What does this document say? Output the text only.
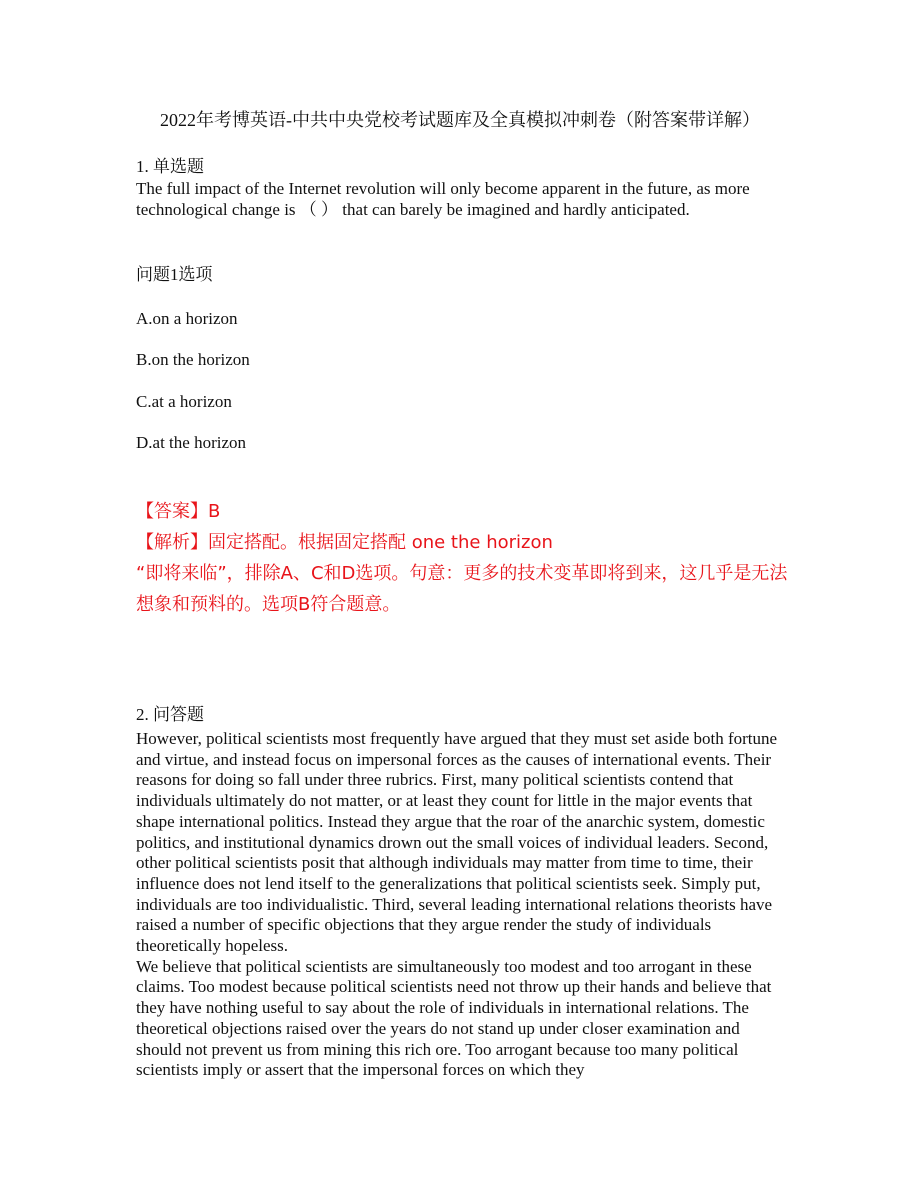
2022年考博英语-中共中央党校考试题库及全真模拟冲刺卷（附答案带详解）
1. 单选题
The full impact of the Internet revolution will only become apparent in the future, as more technological change is （ ） that can barely be imagined and hardly anticipated.
问题1选项
A.on a horizon
B.on the horizon
C.at a horizon
D.at the horizon
【答案】B
【解析】固定搭配。根据固定搭配 one the horizon
“即将来临”，排除A、C和D选项。句意：更多的技术变革即将到来，这几乎是无法想象和预料的。选项B符合题意。
2. 问答题

However, political scientists most frequently have argued that they must set aside both fortune and virtue, and instead focus on impersonal forces as the causes of international events. Their reasons for doing so fall under three rubrics. First, many political scientists contend that individuals ultimately do not matter, or at least they count for little in the major events that shape international politics. Instead they argue that the roar of the anarchic system, domestic politics, and institutional dynamics drown out the small voices of individual leaders. Second, other political scientists posit that although individuals may matter from time to time, their influence does not lend itself to the generalizations that political scientists seek. Simply put, individuals are too individualistic. Third, several leading international relations theorists have raised a number of specific objections that they argue render the study of individuals theoretically hopeless.

We believe that political scientists are simultaneously too modest and too arrogant in these claims. Too modest because political scientists need not throw up their hands and believe that they have nothing useful to say about the role of individuals in international relations. The theoretical objections raised over the years do not stand up under closer examination and should not prevent us from mining this rich ore. Too arrogant because too many political scientists imply or assert that the impersonal forces on which they
